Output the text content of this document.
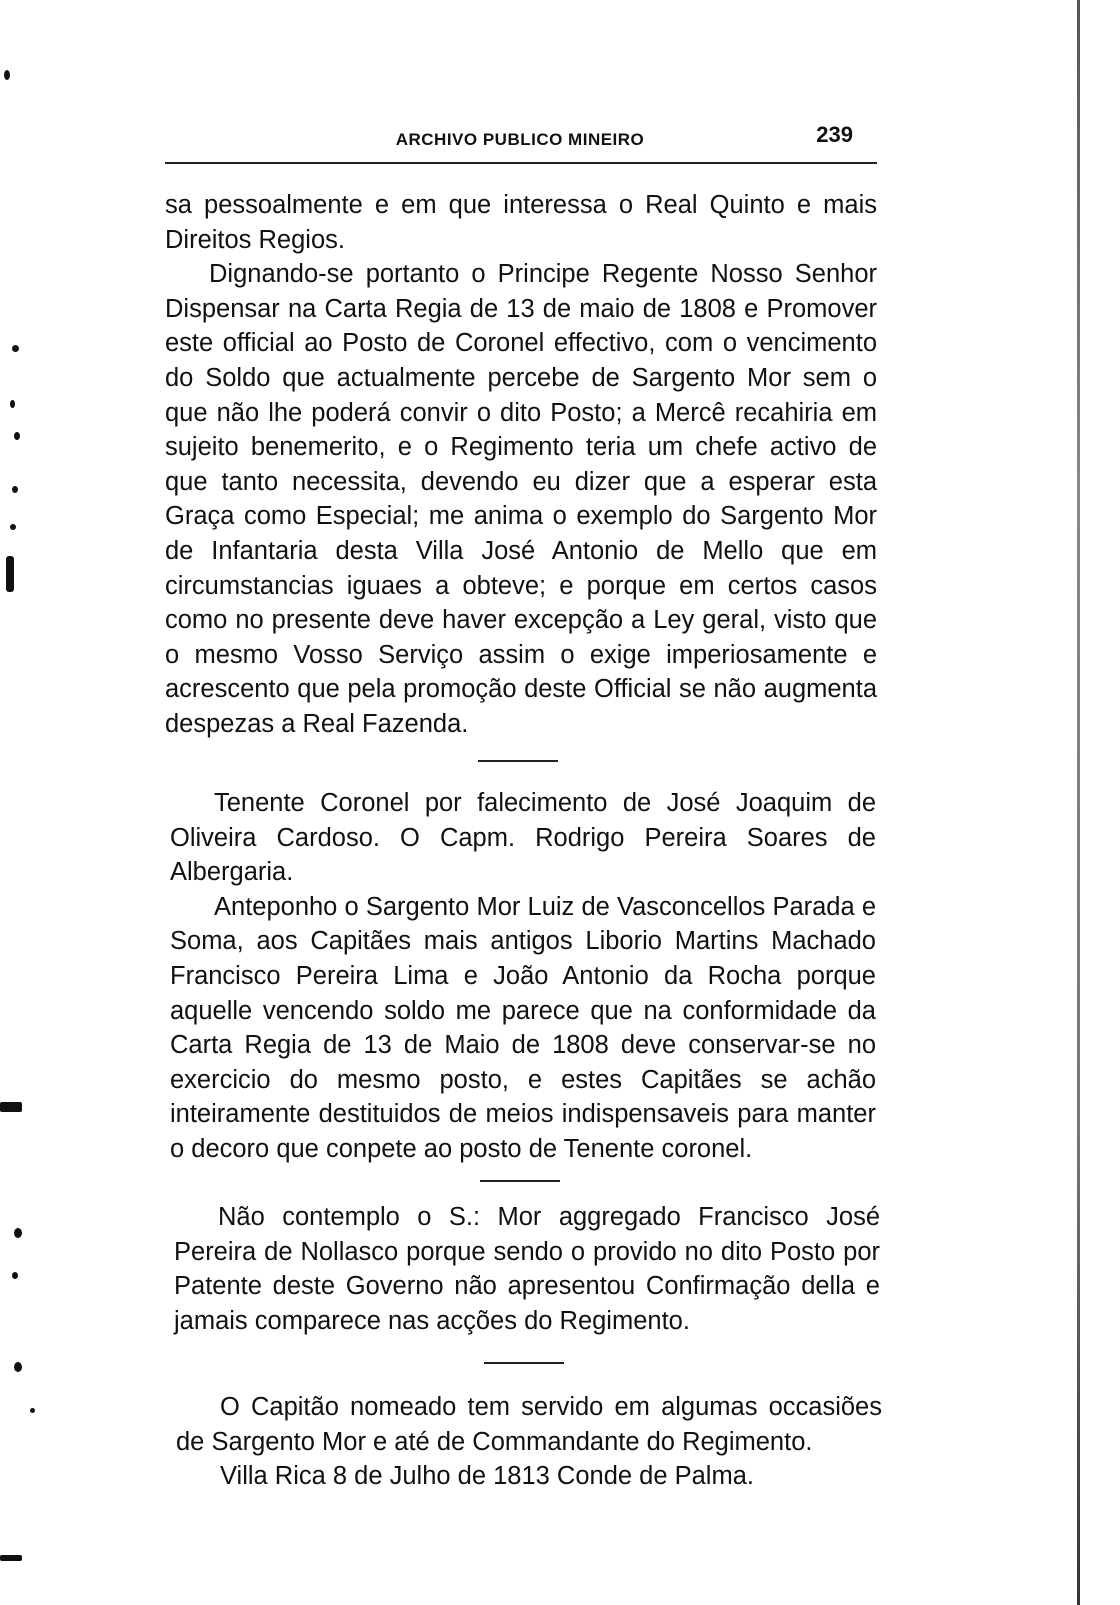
ARCHIVO PUBLICO MINEIRO	239

sa pessoalmente e em que interessa o Real Quinto e mais Direitos Regios.

Dignando-se portanto o Principe Regente Nosso Senhor Dispensar na Carta Regia de 13 de maio de 1808 e Promover este official ao Posto de Coronel effectivo, com o vencimento do Soldo que actualmente percebe de Sargento Mor sem o que não lhe poderá convir o dito Posto; a Mercê recahiria em sujeito benemerito, e o Regimento teria um chefe activo de que tanto necessita, devendo eu dizer que a esperar esta Graça como Especial; me anima o exemplo do Sargento Mor de Infantaria desta Villa José Antonio de Mello que em circumstancias iguaes a obteve; e porque em certos casos como no presente deve haver excepção a Ley geral, visto que o mesmo Vosso Serviço assim o exige imperiosamente e acrescento que pela promoção deste Official se não augmenta despezas a Real Fazenda.

Tenente Coronel por falecimento de José Joaquim de Oliveira Cardoso. O Capm. Rodrigo Pereira Soares de Albergaria.

Anteponho o Sargento Mor Luiz de Vasconcellos Parada e Soma, aos Capitães mais antigos Liborio Martins Machado Francisco Pereira Lima e João Antonio da Rocha porque aquelle vencendo soldo me parece que na conformidade da Carta Regia de 13 de Maio de 1808 deve conservar-se no exercicio do mesmo posto, e estes Capitães se achão inteiramente destituidos de meios indispensaveis para manter o decoro que conpete ao posto de Tenente coronel.

Não contemplo o S.: Mor aggregado Francisco José Pereira de Nollasco porque sendo o provido no dito Posto por Patente deste Governo não apresentou Confirmação della e jamais comparece nas acções do Regimento.

O Capitão nomeado tem servido em algumas occasiões de Sargento Mor e até de Commandante do Regimento.

Villa Rica 8 de Julho de 1813 Conde de Palma.
